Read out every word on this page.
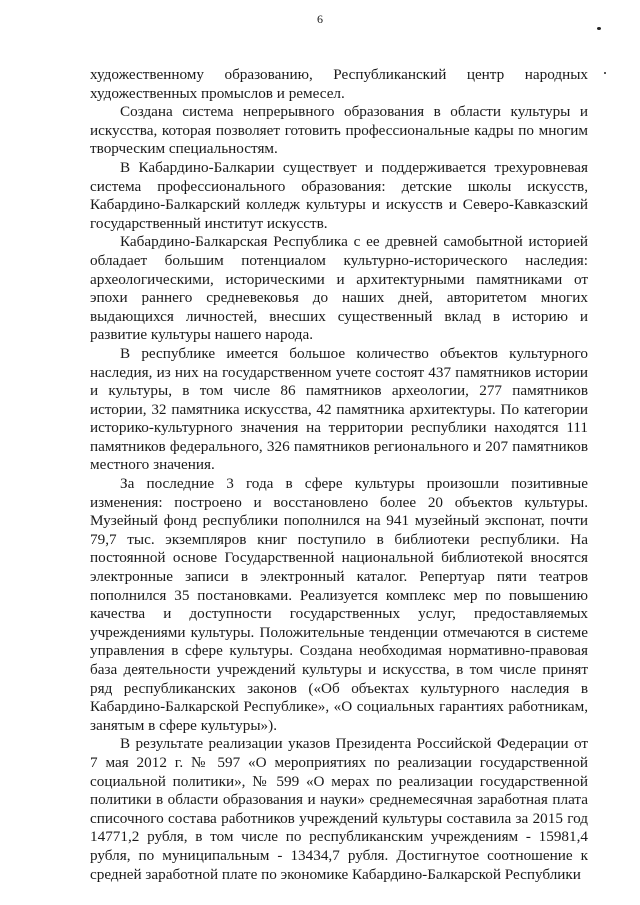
6

художественному образованию, Республиканский центр народных художественных промыслов и ремесел.

Создана система непрерывного образования в области культуры и искусства, которая позволяет готовить профессиональные кадры по многим творческим специальностям.

В Кабардино-Балкарии существует и поддерживается трехуровневая система профессионального образования: детские школы искусств, Кабардино-Балкарский колледж культуры и искусств и Северо-Кавказский государственный институт искусств.

Кабардино-Балкарская Республика с ее древней самобытной историей обладает большим потенциалом культурно-исторического наследия: археологическими, историческими и архитектурными памятниками от эпохи раннего средневековья до наших дней, авторитетом многих выдающихся личностей, внесших существенный вклад в историю и развитие культуры нашего народа.

В республике имеется большое количество объектов культурного наследия, из них на государственном учете состоят 437 памятников истории и культуры, в том числе 86 памятников археологии, 277 памятников истории, 32 памятника искусства, 42 памятника архитектуры. По категории историко-культурного значения на территории республики находятся 111 памятников федерального, 326 памятников регионального и 207 памятников местного значения.

За последние 3 года в сфере культуры произошли позитивные изменения: построено и восстановлено более 20 объектов культуры. Музейный фонд республики пополнился на 941 музейный экспонат, почти 79,7 тыс. экземпляров книг поступило в библиотеки республики. На постоянной основе Государственной национальной библиотекой вносятся электронные записи в электронный каталог. Репертуар пяти театров пополнился 35 постановками. Реализуется комплекс мер по повышению качества и доступности государственных услуг, предоставляемых учреждениями культуры. Положительные тенденции отмечаются в системе управления в сфере культуры. Создана необходимая нормативно-правовая база деятельности учреждений культуры и искусства, в том числе принят ряд республиканских законов («Об объектах культурного наследия в Кабардино-Балкарской Республике», «О социальных гарантиях работникам, занятым в сфере культуры»).

В результате реализации указов Президента Российской Федерации от 7 мая 2012 г. № 597 «О мероприятиях по реализации государственной социальной политики», № 599 «О мерах по реализации государственной политики в области образования и науки» среднемесячная заработная плата списочного состава работников учреждений культуры составила за 2015 год 14771,2 рубля, в том числе по республиканским учреждениям - 15981,4 рубля, по муниципальным - 13434,7 рубля. Достигнутое соотношение к средней заработной плате по экономике Кабардино-Балкарской Республики
